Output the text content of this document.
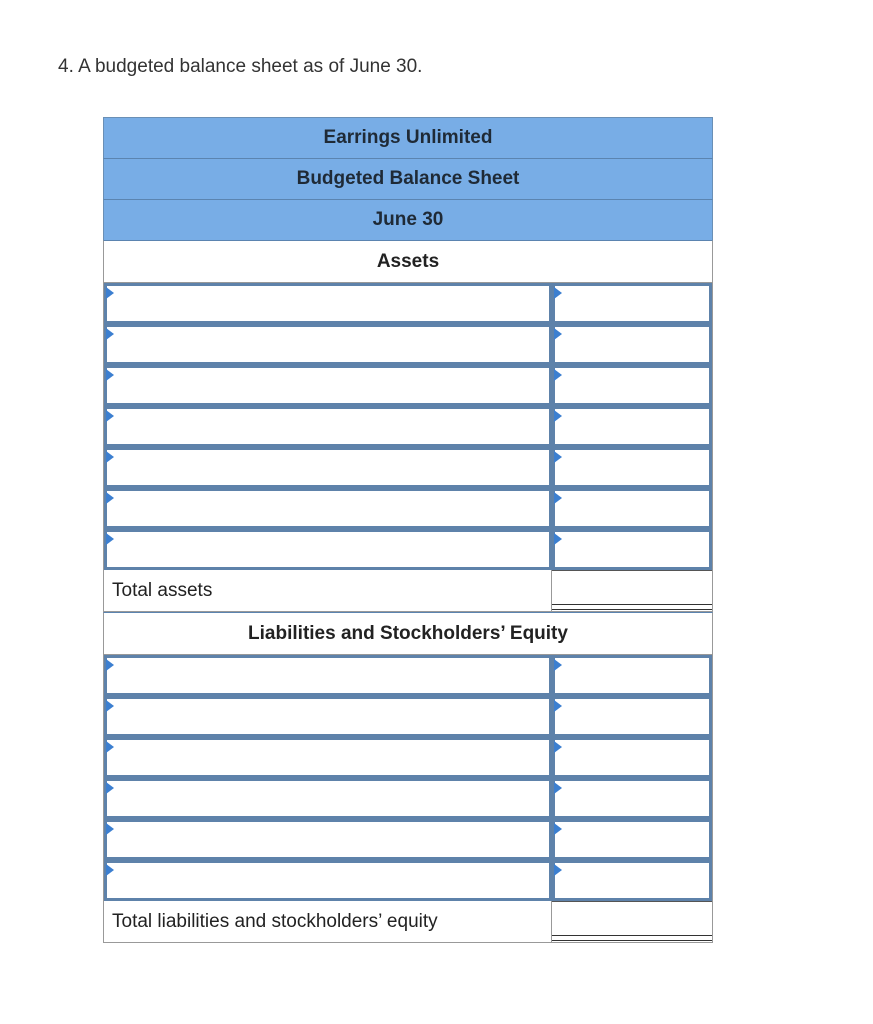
4. A budgeted balance sheet as of June 30.
Earrings Unlimited
Budgeted Balance Sheet
June 30
Assets
Total assets
Liabilities and Stockholders’ Equity
Total liabilities and stockholders’ equity
